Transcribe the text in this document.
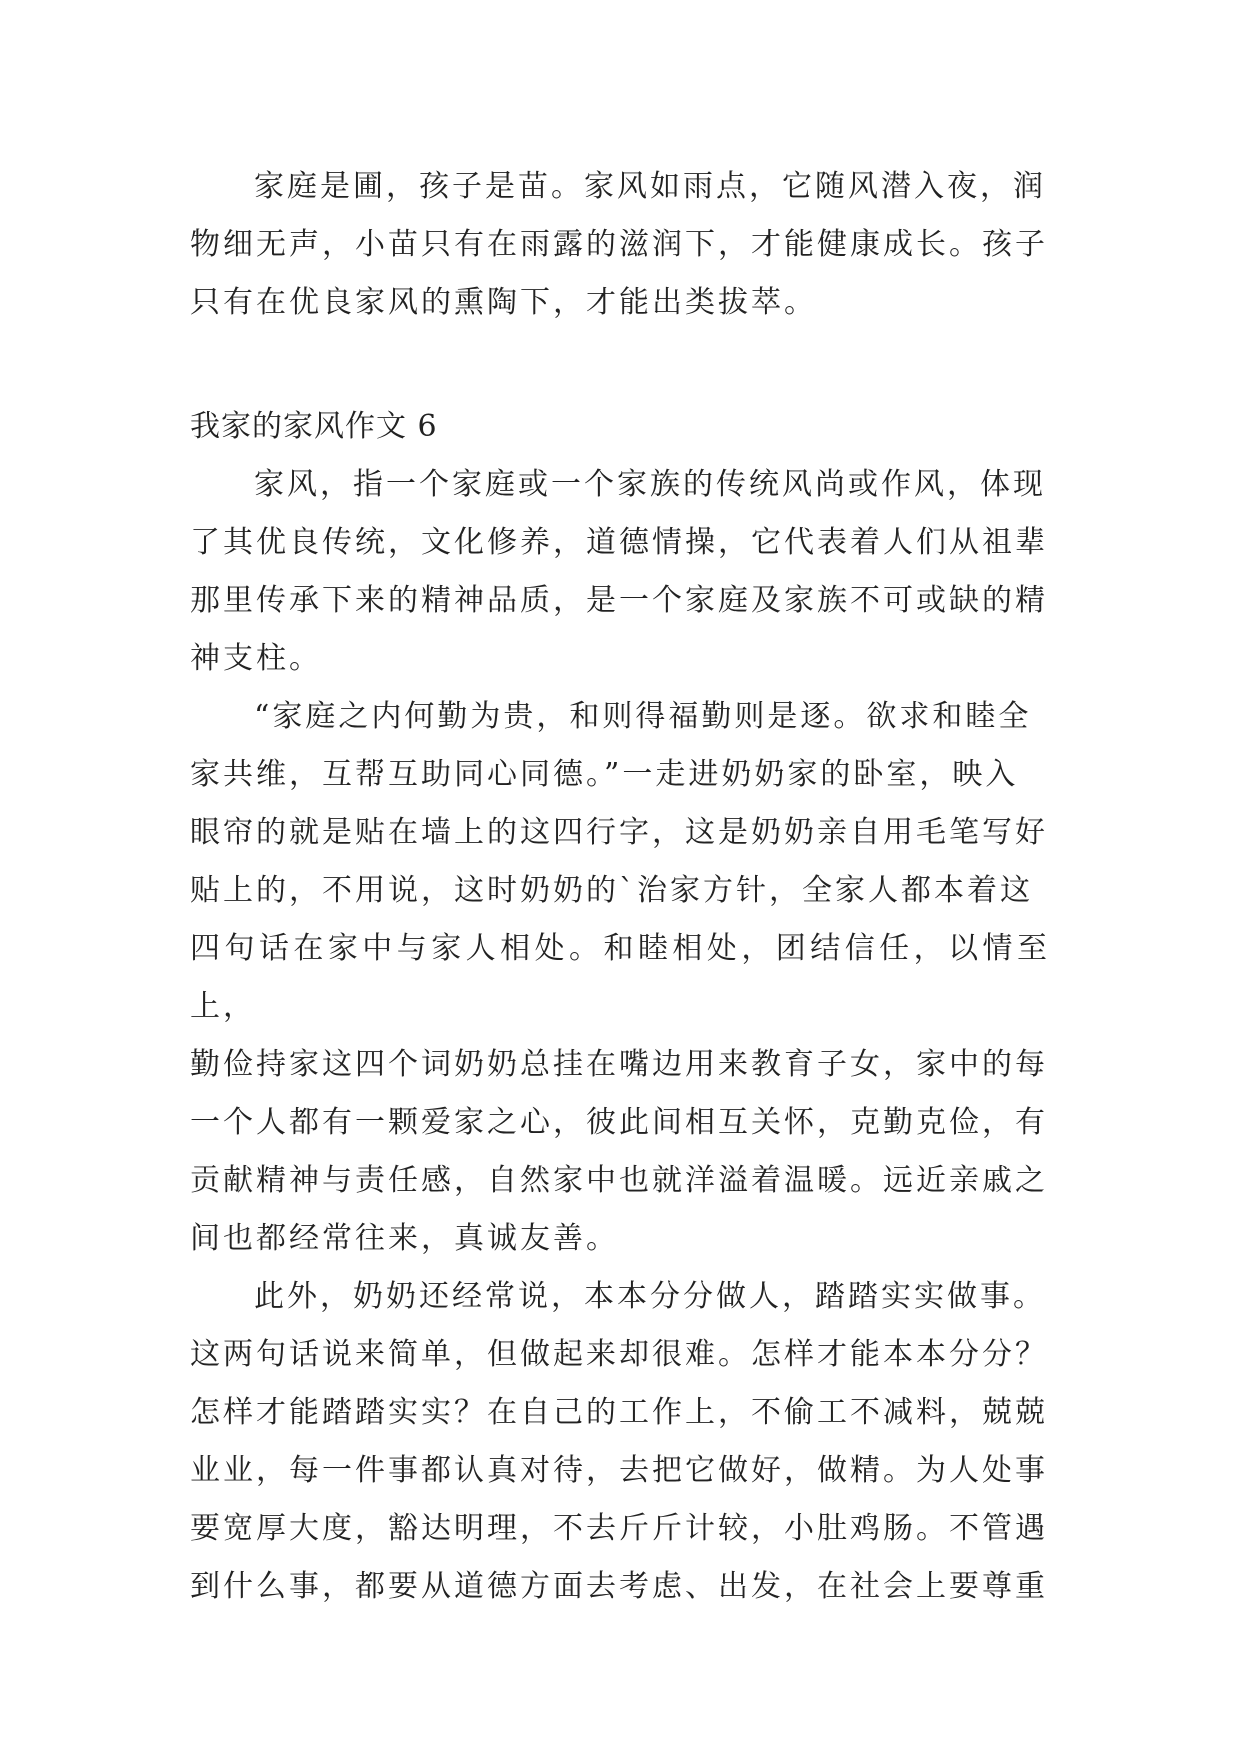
家庭是圃，孩子是苗。家风如雨点，它随风潜入夜，润
物细无声，小苗只有在雨露的滋润下，才能健康成长。孩子
只有在优良家风的熏陶下，才能出类拔萃。

我家的家风作文 6

家风，指一个家庭或一个家族的传统风尚或作风，体现
了其优良传统，文化修养，道德情操，它代表着人们从祖辈
那里传承下来的精神品质，是一个家庭及家族不可或缺的精
神支柱。

“家庭之内何勤为贵，和则得福勤则是逐。欲求和睦全
家共维，互帮互助同心同德。”一走进奶奶家的卧室，映入
眼帘的就是贴在墙上的这四行字，这是奶奶亲自用毛笔写好
贴上的，不用说，这时奶奶的`治家方针，全家人都本着这
四句话在家中与家人相处。和睦相处，团结信任，以情至上，
勤俭持家这四个词奶奶总挂在嘴边用来教育子女，家中的每
一个人都有一颗爱家之心，彼此间相互关怀，克勤克俭，有
贡献精神与责任感，自然家中也就洋溢着温暖。远近亲戚之
间也都经常往来，真诚友善。

此外，奶奶还经常说，本本分分做人，踏踏实实做事。
这两句话说来简单，但做起来却很难。怎样才能本本分分？
怎样才能踏踏实实？在自己的工作上，不偷工不减料，兢兢
业业，每一件事都认真对待，去把它做好，做精。为人处事
要宽厚大度，豁达明理，不去斤斤计较，小肚鸡肠。不管遇
到什么事，都要从道德方面去考虑、出发，在社会上要尊重
